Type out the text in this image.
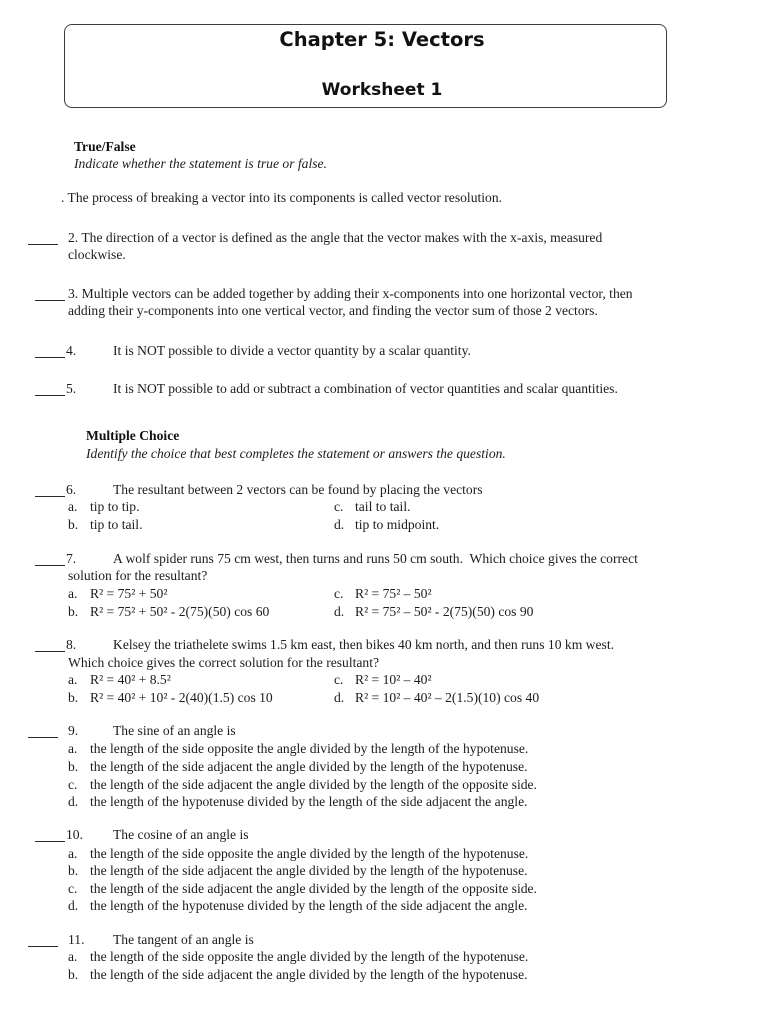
Chapter 5: Vectors
Worksheet 1
True/False
Indicate whether the statement is true or false.
. The process of breaking a vector into its components is called vector resolution.
2. The direction of a vector is defined as the angle that the vector makes with the x-axis, measured
clockwise.
3. Multiple vectors can be added together by adding their x-components into one horizontal vector, then
adding their y-components into one vertical vector, and finding the vector sum of those 2 vectors.
4.	It is NOT possible to divide a vector quantity by a scalar quantity.
5.	It is NOT possible to add or subtract a combination of vector quantities and scalar quantities.
Multiple Choice
Identify the choice that best completes the statement or answers the question.
6.	The resultant between 2 vectors can be found by placing the vectors
a. tip to tip.	c. tail to tail.
b. tip to tail.	d. tip to midpoint.
7.	A wolf spider runs 75 cm west, then turns and runs 50 cm south.  Which choice gives the correct
solution for the resultant?
a. R² = 75² + 50²	c. R² = 75² – 50²
b. R² = 75² + 50² - 2(75)(50) cos 60	d. R² = 75² – 50² - 2(75)(50) cos 90
8.	Kelsey the triathelete swims 1.5 km east, then bikes 40 km north, and then runs 10 km west.
Which choice gives the correct solution for the resultant?
a. R² = 40² + 8.5²	c. R² = 10² – 40²
b. R² = 40² + 10² - 2(40)(1.5) cos 10	d. R² = 10² – 40² – 2(1.5)(10) cos 40
9.	The sine of an angle is
a. the length of the side opposite the angle divided by the length of the hypotenuse.
b. the length of the side adjacent the angle divided by the length of the hypotenuse.
c. the length of the side adjacent the angle divided by the length of the opposite side.
d. the length of the hypotenuse divided by the length of the side adjacent the angle.
10. The cosine of an angle is
a. the length of the side opposite the angle divided by the length of the hypotenuse.
b. the length of the side adjacent the angle divided by the length of the hypotenuse.
c. the length of the side adjacent the angle divided by the length of the opposite side.
d. the length of the hypotenuse divided by the length of the side adjacent the angle.
11. The tangent of an angle is
a. the length of the side opposite the angle divided by the length of the hypotenuse.
b. the length of the side adjacent the angle divided by the length of the hypotenuse.
